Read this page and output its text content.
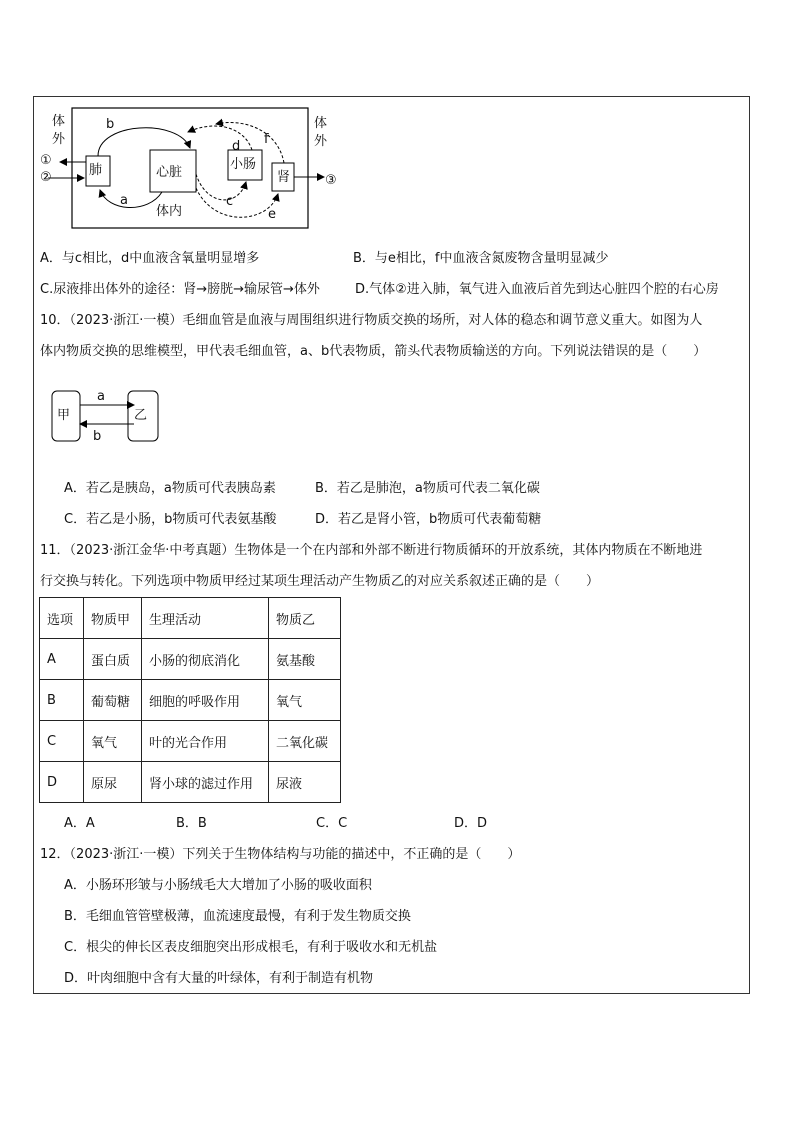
体外
体外
①
②	③
肺	心脏
小肠
肾
体内
b
a	c
d
e
f
A．与c相比，d中血液含氧量明显增多	B．与e相比，f中血液含氮废物含量明显减少
C.尿液排出体外的途径：肾→膀胱→输尿管→体外	D.气体②进入肺，氧气进入血液后首先到达心脏四个腔的右心房
10．（2023·浙江·一模）毛细血管是血液与周围组织进行物质交换的场所，对人体的稳态和调节意义重大。如图为人
体内物质交换的思维模型，甲代表毛细血管，a、b代表物质，箭头代表物质输送的方向。下列说法错误的是（　　）
甲	乙
a
b
A．若乙是胰岛，a物质可代表胰岛素	B．若乙是肺泡，a物质可代表二氧化碳
C．若乙是小肠，b物质可代表氨基酸	D．若乙是肾小管，b物质可代表葡萄糖
11．（2023·浙江金华·中考真题）生物体是一个在内部和外部不断进行物质循环的开放系统，其体内物质在不断地进
行交换与转化。下列选项中物质甲经过某项生理活动产生物质乙的对应关系叙述正确的是（　　）
选项	物质甲	生理活动	物质乙
A	蛋白质	小肠的彻底消化	氨基酸
B	葡萄糖	细胞的呼吸作用	氧气
C	氧气	叶的光合作用	二氧化碳
D	原尿	肾小球的滤过作用	尿液
A．A	B．B	C．C	D．D
12．（2023·浙江·一模）下列关于生物体结构与功能的描述中，不正确的是（　　）
A．小肠环形皱与小肠绒毛大大增加了小肠的吸收面积
B．毛细血管管壁极薄，血流速度最慢，有利于发生物质交换
C．根尖的伸长区表皮细胞突出形成根毛，有利于吸收水和无机盐
D．叶肉细胞中含有大量的叶绿体，有利于制造有机物
